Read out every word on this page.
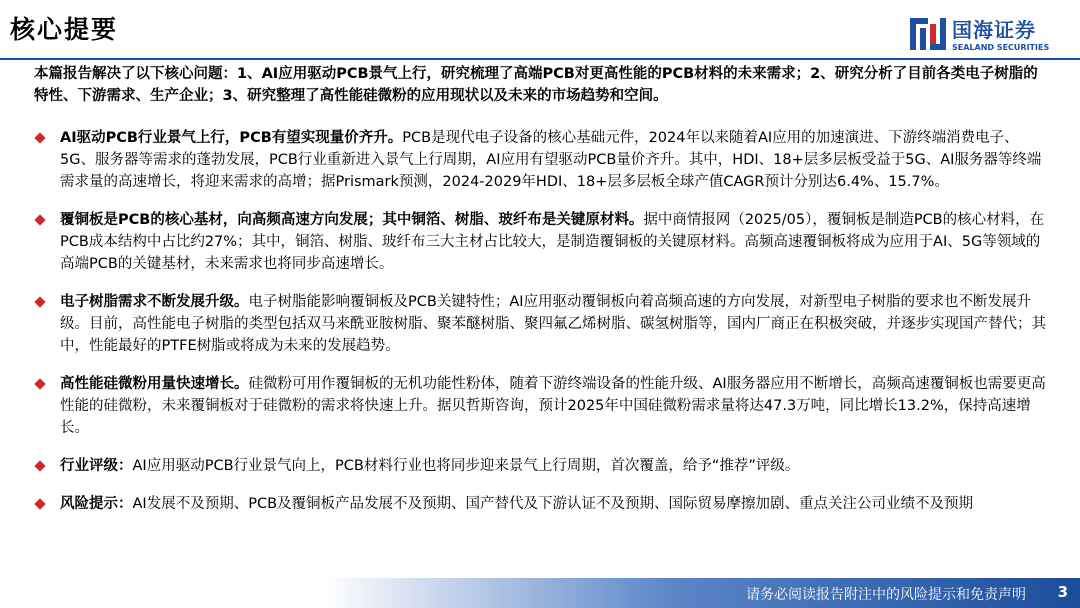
核心提要	国海证券
SEALAND SECURITIES
本篇报告解决了以下核心问题：1、AI应用驱动PCB景气上行，研究梳理了高端PCB对更高性能的PCB材料的未来需求；2、研究分析了目前各类电子树脂的特性、下游需求、生产企业；3、研究整理了高性能硅微粉的应用现状以及未来的市场趋势和空间。
AI驱动PCB行业景气上行，PCB有望实现量价齐升。PCB是现代电子设备的核心基础元件，2024年以来随着AI应用的加速演进、下游终端消费电子、5G、服务器等需求的蓬勃发展，PCB行业重新进入景气上行周期，AI应用有望驱动PCB量价齐升。其中，HDI、18+层多层板受益于5G、AI服务器等终端需求量的高速增长，将迎来需求的高增；据Prismark预测，2024-2029年HDI、18+层多层板全球产值CAGR预计分别达6.4%、15.7%。
覆铜板是PCB的核心基材，向高频高速方向发展；其中铜箔、树脂、玻纤布是关键原材料。据中商情报网（2025/05），覆铜板是制造PCB的核心材料，在PCB成本结构中占比约27%；其中，铜箔、树脂、玻纤布三大主材占比较大，是制造覆铜板的关键原材料。高频高速覆铜板将成为应用于AI、5G等领域的高端PCB的关键基材，未来需求也将同步高速增长。
电子树脂需求不断发展升级。电子树脂能影响覆铜板及PCB关键特性；AI应用驱动覆铜板向着高频高速的方向发展，对新型电子树脂的要求也不断发展升级。目前，高性能电子树脂的类型包括双马来酰亚胺树脂、聚苯醚树脂、聚四氟乙烯树脂、碳氢树脂等，国内厂商正在积极突破，并逐步实现国产替代；其中，性能最好的PTFE树脂或将成为未来的发展趋势。
高性能硅微粉用量快速增长。硅微粉可用作覆铜板的无机功能性粉体，随着下游终端设备的性能升级、AI服务器应用不断增长，高频高速覆铜板也需要更高性能的硅微粉，未来覆铜板对于硅微粉的需求将快速上升。据贝哲斯咨询，预计2025年中国硅微粉需求量将达47.3万吨，同比增长13.2%，保持高速增长。
行业评级：AI应用驱动PCB行业景气向上，PCB材料行业也将同步迎来景气上行周期，首次覆盖，给予“推荐”评级。
风险提示：AI发展不及预期、PCB及覆铜板产品发展不及预期、国产替代及下游认证不及预期、国际贸易摩擦加剧、重点关注公司业绩不及预期
请务必阅读报告附注中的风险提示和免责声明 3
